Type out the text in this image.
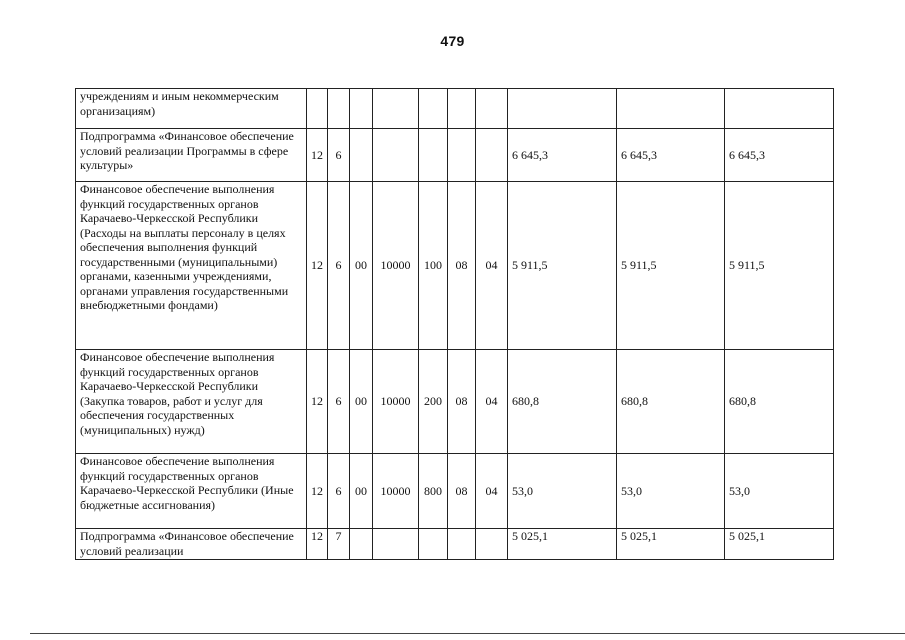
479
учреждениям и иным некоммерческим организациям)										
Подпрограмма «Финансовое обеспечение условий реализации Программы в сфере культуры»	12	6						6 645,3	6 645,3	6 645,3
Финансовое обеспечение выполнения функций государственных органов Карачаево-Черкесской Республики (Расходы на выплаты персоналу в целях обеспечения выполнения функций государственными (муниципальными) органами, казенными учреждениями, органами управления государственными внебюджетными фондами)	12	6	00	10000	100	08	04	5 911,5	5 911,5	5 911,5
Финансовое обеспечение выполнения функций государственных органов Карачаево-Черкесской Республики (Закупка товаров, работ и услуг для обеспечения государственных (муниципальных) нужд)	12	6	00	10000	200	08	04	680,8	680,8	680,8
Финансовое обеспечение выполнения функций государственных органов Карачаево-Черкесской Республики (Иные бюджетные ассигнования)	12	6	00	10000	800	08	04	53,0	53,0	53,0
Подпрограмма «Финансовое обеспечение условий реализации	12	7						5 025,1	5 025,1	5 025,1
